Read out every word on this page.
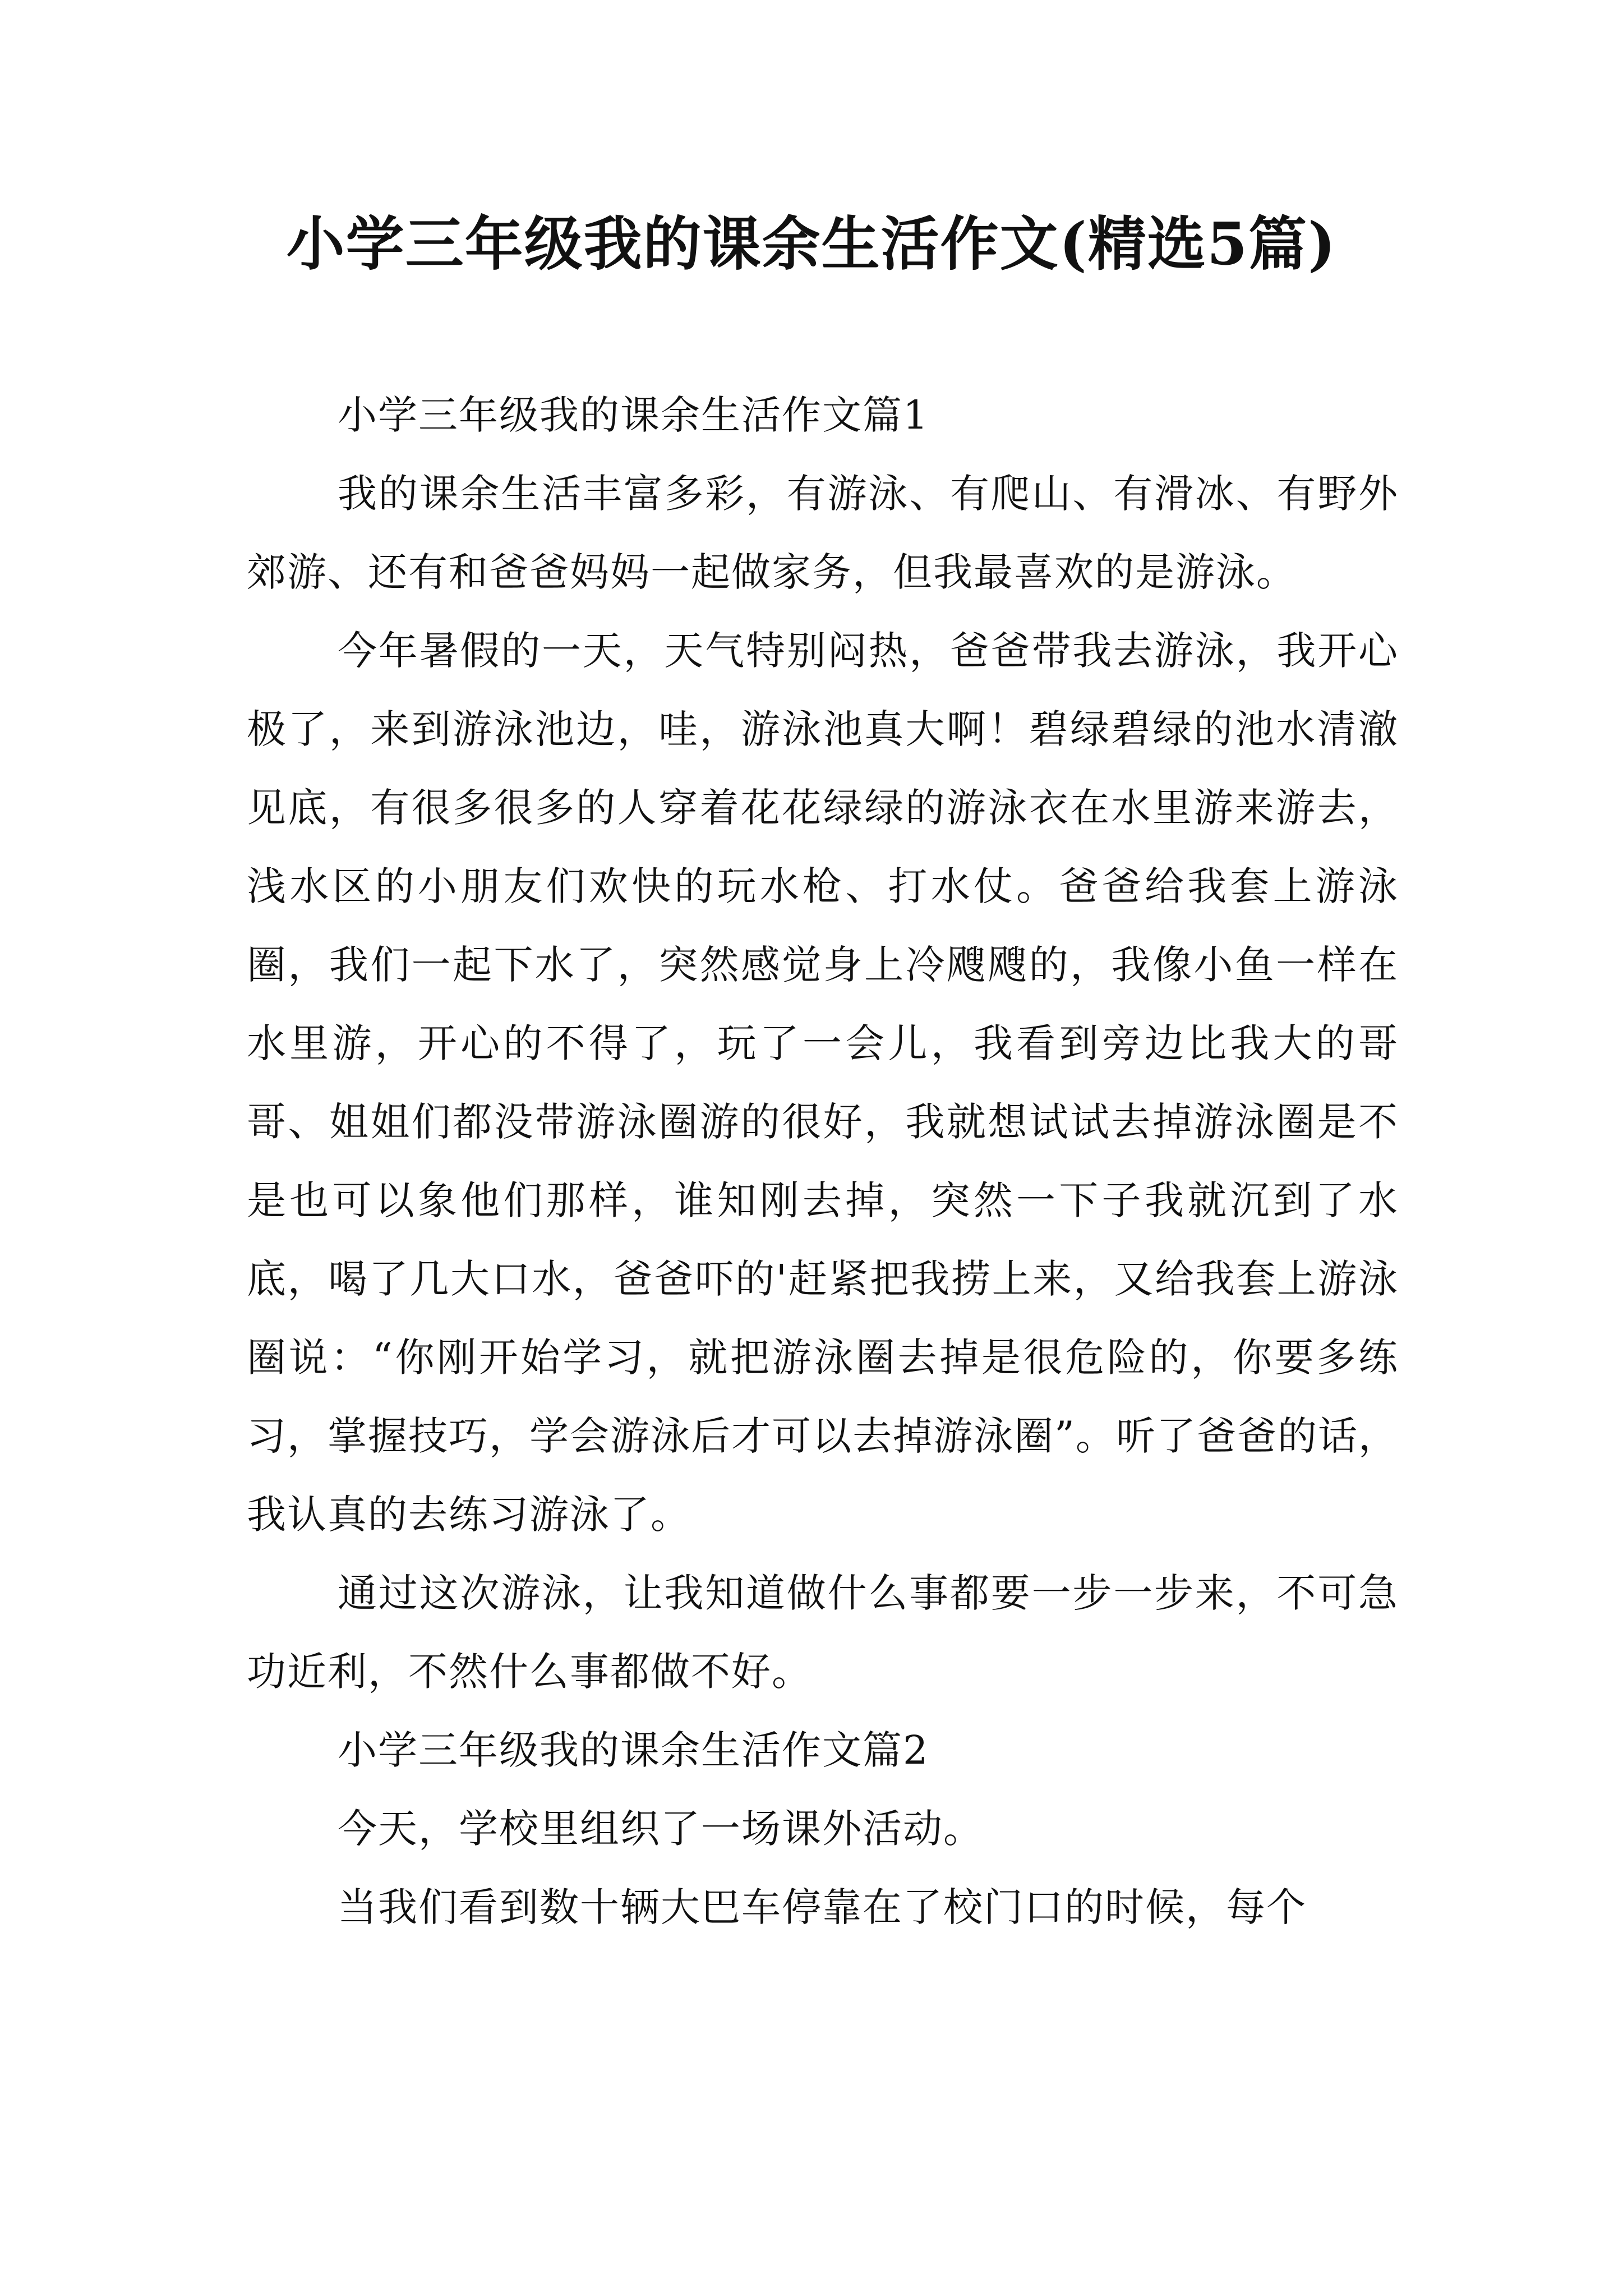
小学三年级我的课余生活作文(精选5篇)

小学三年级我的课余生活作文篇1

我的课余生活丰富多彩，有游泳、有爬山、有滑冰、有野外郊游、还有和爸爸妈妈一起做家务，但我最喜欢的是游泳。

今年暑假的一天，天气特别闷热，爸爸带我去游泳，我开心极了，来到游泳池边，哇，游泳池真大啊！碧绿碧绿的池水清澈见底，有很多很多的人穿着花花绿绿的游泳衣在水里游来游去，浅水区的小朋友们欢快的玩水枪、打水仗。爸爸给我套上游泳圈，我们一起下水了，突然感觉身上冷飕飕的，我像小鱼一样在水里游，开心的不得了，玩了一会儿，我看到旁边比我大的哥哥、姐姐们都没带游泳圈游的很好，我就想试试去掉游泳圈是不是也可以象他们那样，谁知刚去掉，突然一下子我就沉到了水底，喝了几大口水，爸爸吓的'赶紧把我捞上来，又给我套上游泳圈说：“你刚开始学习，就把游泳圈去掉是很危险的，你要多练习，掌握技巧，学会游泳后才可以去掉游泳圈”。听了爸爸的话，我认真的去练习游泳了。

通过这次游泳，让我知道做什么事都要一步一步来，不可急功近利，不然什么事都做不好。

小学三年级我的课余生活作文篇2

今天，学校里组织了一场课外活动。

当我们看到数十辆大巴车停靠在了校门口的时候，每个
